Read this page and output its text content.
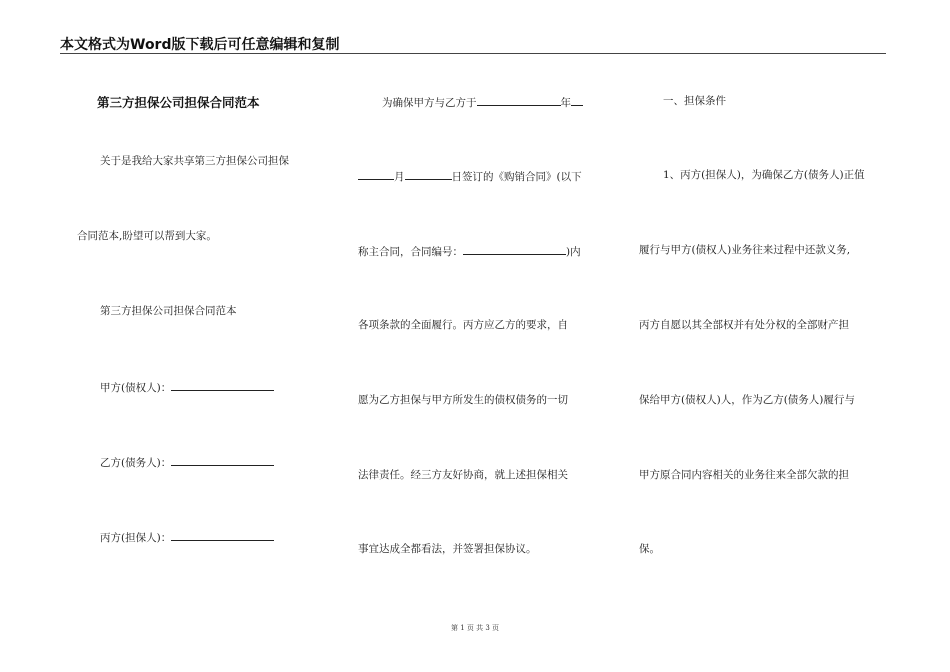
本文格式为Word版下载后可任意编辑和复制
第三方担保公司担保合同范本
关于是我给大家共享第三方担保公司担保
合同范本,盼望可以帮到大家。
第三方担保公司担保合同范本
甲方(债权人)：
乙方(债务人)：
丙方(担保人)：
为确保甲方与乙方于	年
月	日签订的《购销合同》(以下
称主合同，合同编号：	)内
各项条款的全面履行。丙方应乙方的要求，自
愿为乙方担保与甲方所发生的债权债务的一切
法律责任。经三方友好协商，就上述担保相关
事宜达成全都看法，并签署担保协议。
一、担保条件
1、丙方(担保人)，为确保乙方(债务人)正值
履行与甲方(债权人)业务往来过程中还款义务,
丙方自愿以其全部权并有处分权的全部财产担
保给甲方(债权人)人，作为乙方(债务人)履行与
甲方原合同内容相关的业务往来全部欠款的担
保。
第 1 页 共 3 页
